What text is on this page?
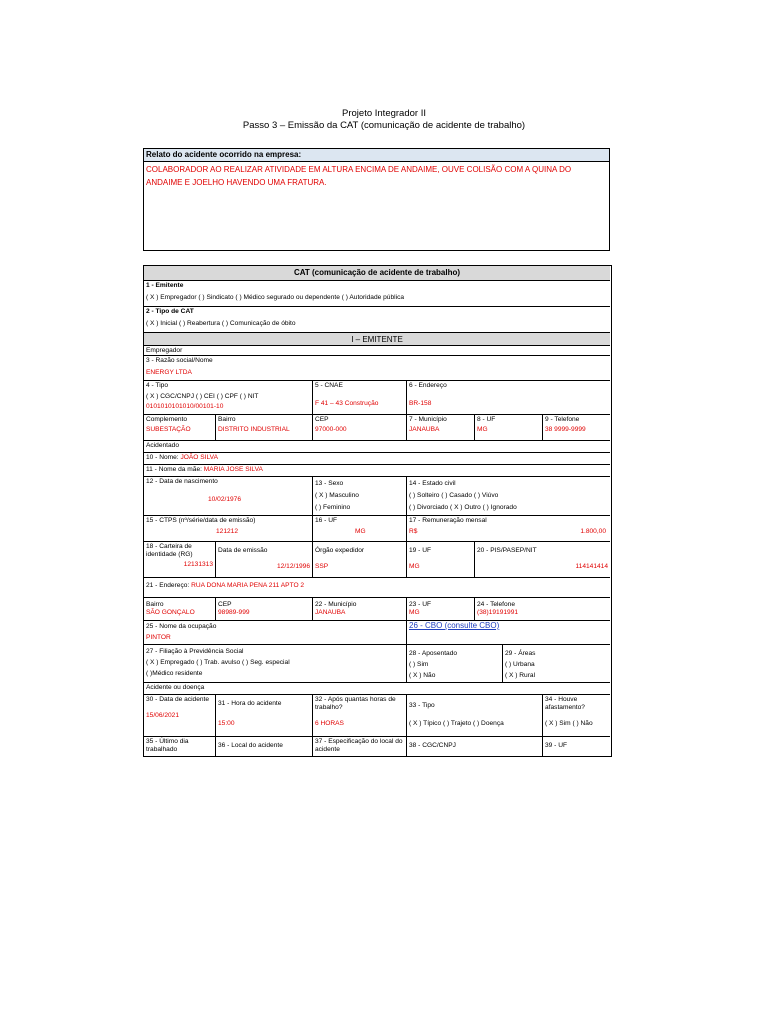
Projeto Integrador II
Passo 3 – Emissão da CAT (comunicação de acidente de trabalho)
Relato do acidente ocorrido na empresa:
COLABORADOR AO REALIZAR ATIVIDADE EM ALTURA ENCIMA DE ANDAIME, OUVE COLISÃO COM A QUINA DO ANDAIME E JOELHO HAVENDO UMA FRATURA.
CAT (comunicação de acidente de trabalho)
1 - Emitente
( X ) Empregador ( ) Sindicato ( ) Médico segurado ou dependente ( ) Autoridade pública
2 - Tipo de CAT
( X ) Inicial ( ) Reabertura ( ) Comunicação de óbito
I – EMITENTE
Empregador
3 - Razão social/Nome
ENERGY LTDA
4 - Tipo
( X ) CGC/CNPJ ( ) CEI ( ) CPF ( ) NIT
0101010101010/00101-10
5 - CNAE
F 41 – 43 Construção
6 - Endereço
BR-158
Complemento
SUBESTAÇÃO
Bairro
DISTRITO INDUSTRIAL
CEP
97000-000
7 - Município
JANAUBA
8 - UF
MG
9 - Telefone
38 9999-9999
Acidentado
10 - Nome: JOÃO SILVA
11 - Nome da mãe: MARIA JOSE SILVA
12 - Data de nascimento
10/02/1976
13 - Sexo
( X ) Masculino
( ) Feminino
14 - Estado civil
( ) Solteiro ( ) Casado ( ) Viúvo
( ) Divorciado ( X ) Outro ( ) Ignorado
15 - CTPS (nº/série/data de emissão)
121212
16 - UF
MG
17 - Remuneração mensal
R$	1.800,00
18 - Carteira de identidade (RG)
12131313
Data de emissão
12/12/1996
Órgão expedidor
SSP
19 - UF
MG
20 - PIS/PASEP/NIT
114141414
21 - Endereço: RUA DONA MARIA PENA 211 APTO 2
Bairro
SÃO GONÇALO
CEP
98989-999
22 - Município
JANAUBA
23 - UF
MG
24 - Telefone
(38)19191991
25 - Nome da ocupação
PINTOR
26 - CBO (consulte CBO)
27 - Filiação à Previdência Social
( X ) Empregado ( ) Trab. avulso ( ) Seg. especial
( )Médico residente
28 - Aposentado
( ) Sim
( X ) Não
29 - Áreas
( ) Urbana
( X ) Rural
Acidente ou doença
30 - Data de acidente
15/06/2021
31 - Hora do acidente
15:00
32 - Após quantas horas de trabalho?
6 HORAS
33 - Tipo
( X ) Típico ( ) Trajeto ( ) Doença
34 - Houve afastamento?
( X ) Sim ( ) Não
35 - Último dia trabalhado
36 - Local do acidente
37 - Especificação do local do acidente
38 - CGC/CNPJ	39 - UF
